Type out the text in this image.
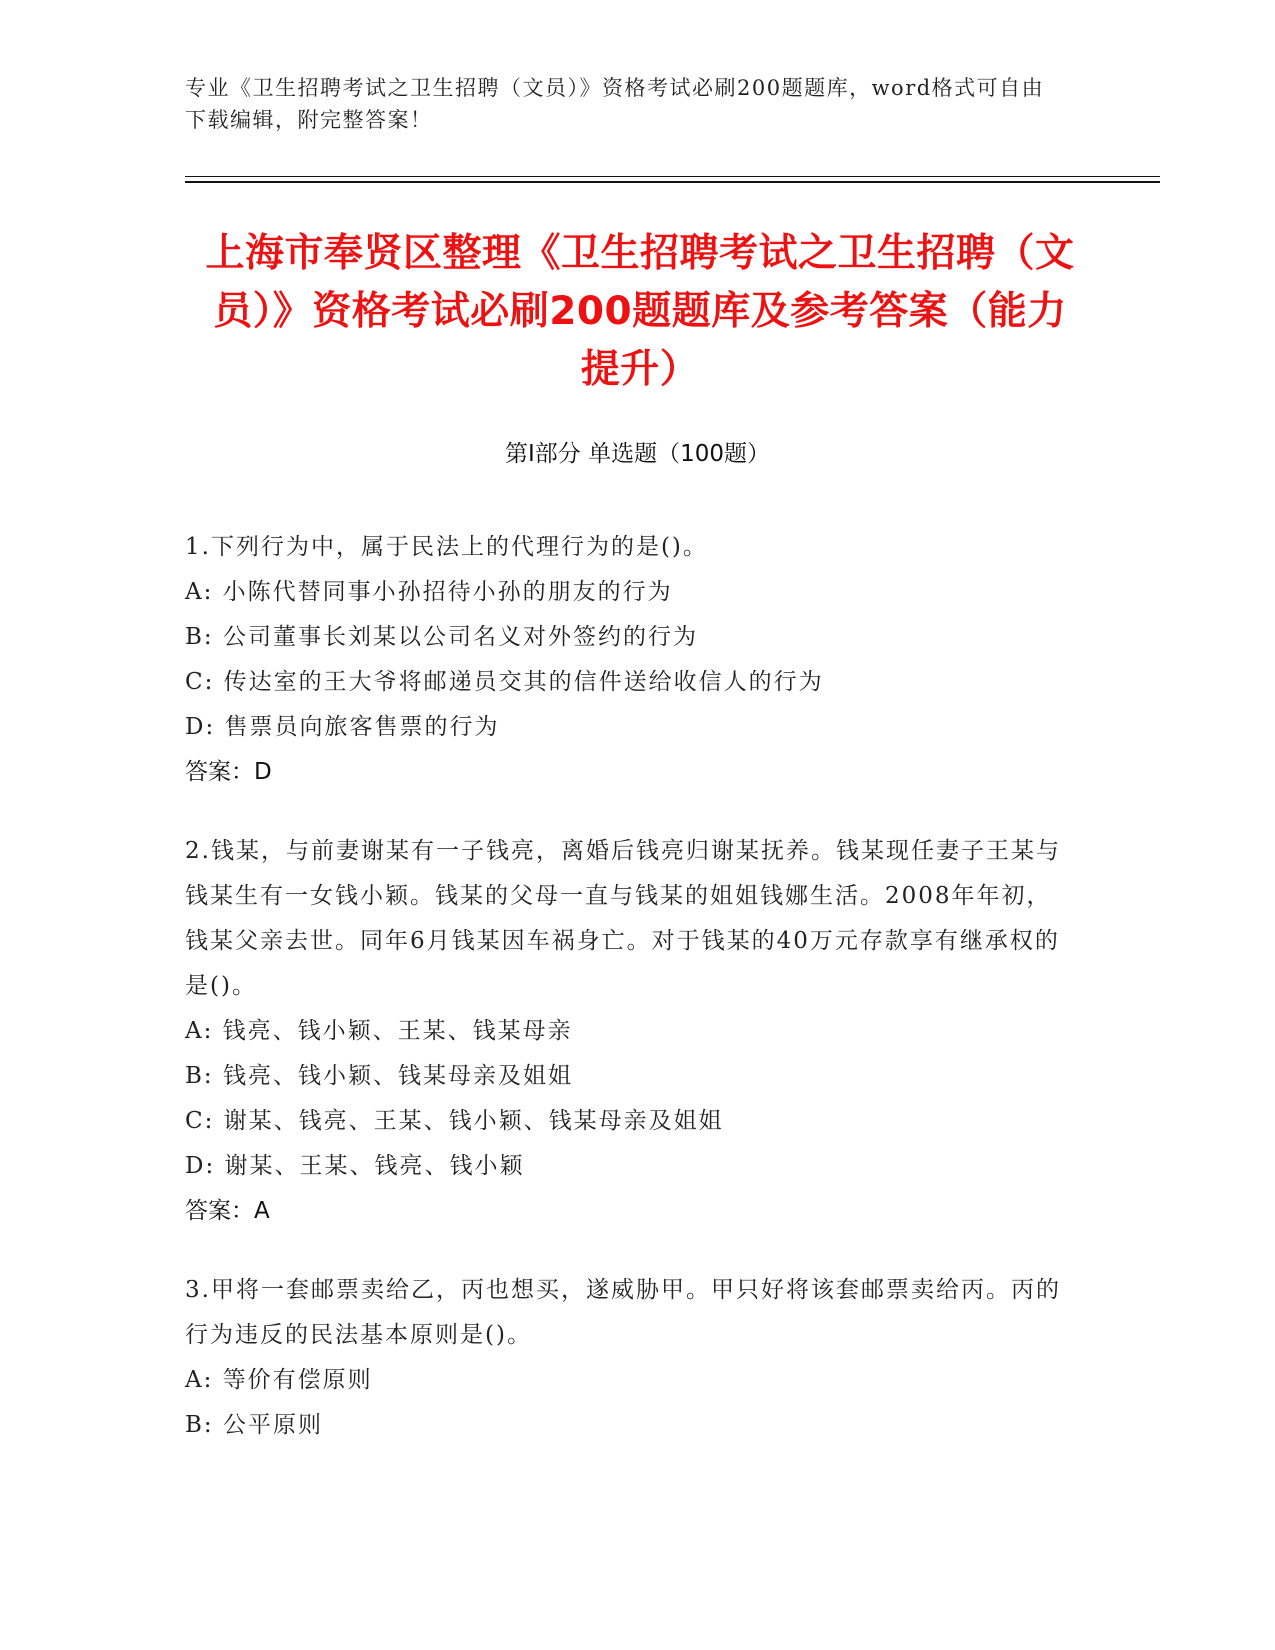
专业《卫生招聘考试之卫生招聘（文员）》资格考试必刷200题题库，word格式可自由下载编辑，附完整答案！
上海市奉贤区整理《卫生招聘考试之卫生招聘（文员）》资格考试必刷200题题库及参考答案（能力提升）
第Ⅰ部分 单选题（100题）
1.下列行为中，属于民法上的代理行为的是()。
A: 小陈代替同事小孙招待小孙的朋友的行为
B: 公司董事长刘某以公司名义对外签约的行为
C: 传达室的王大爷将邮递员交其的信件送给收信人的行为
D: 售票员向旅客售票的行为
答案：D
2.钱某，与前妻谢某有一子钱亮，离婚后钱亮归谢某抚养。钱某现任妻子王某与钱某生有一女钱小颖。钱某的父母一直与钱某的姐姐钱娜生活。2008年年初，钱某父亲去世。同年6月钱某因车祸身亡。对于钱某的40万元存款享有继承权的是()。
A: 钱亮、钱小颖、王某、钱某母亲
B: 钱亮、钱小颖、钱某母亲及姐姐
C: 谢某、钱亮、王某、钱小颖、钱某母亲及姐姐
D: 谢某、王某、钱亮、钱小颖
答案：A
3.甲将一套邮票卖给乙，丙也想买，遂威胁甲。甲只好将该套邮票卖给丙。丙的行为违反的民法基本原则是()。
A: 等价有偿原则
B: 公平原则
